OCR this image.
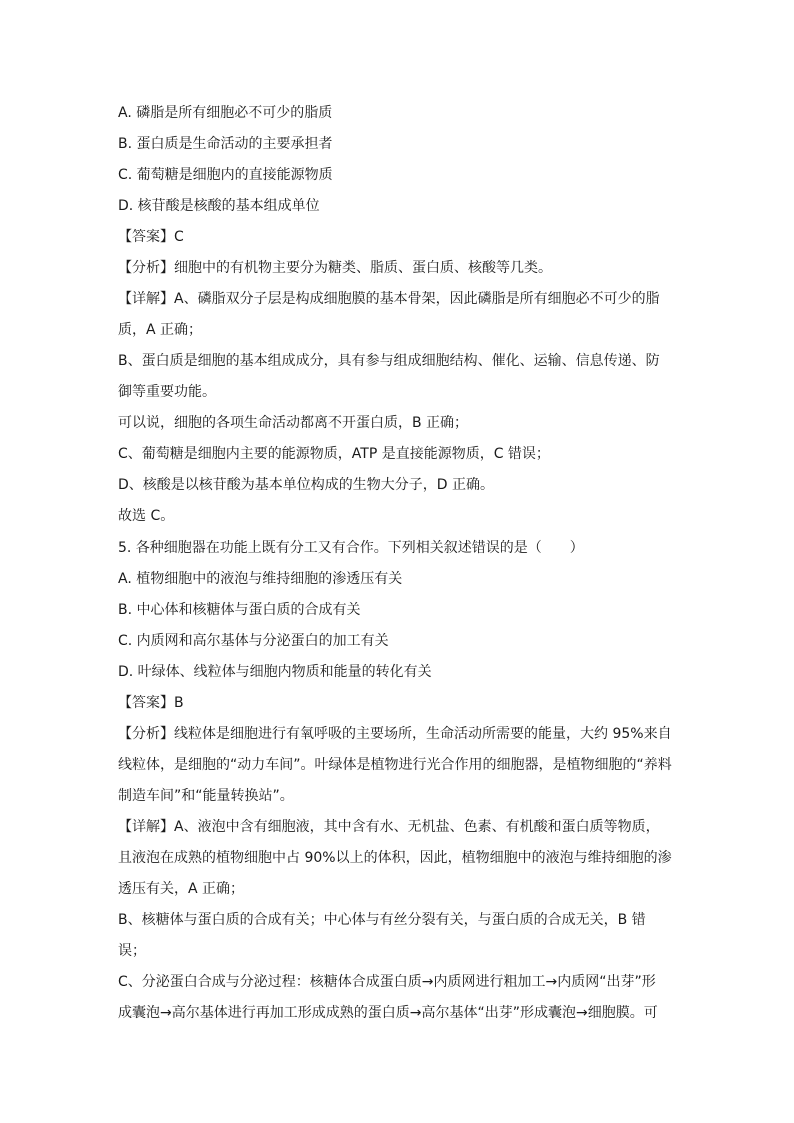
A. 磷脂是所有细胞必不可少的脂质
B. 蛋白质是生命活动的主要承担者
C. 葡萄糖是细胞内的直接能源物质
D. 核苷酸是核酸的基本组成单位
【答案】C
【分析】细胞中的有机物主要分为糖类、脂质、蛋白质、核酸等几类。
【详解】A、磷脂双分子层是构成细胞膜的基本骨架，因此磷脂是所有细胞必不可少的脂
质，A 正确；
B、蛋白质是细胞的基本组成成分，具有参与组成细胞结构、催化、运输、信息传递、防
御等重要功能。
可以说，细胞的各项生命活动都离不开蛋白质，B 正确；
C、葡萄糖是细胞内主要的能源物质，ATP 是直接能源物质，C 错误；
D、核酸是以核苷酸为基本单位构成的生物大分子，D 正确。
故选 C。
5. 各种细胞器在功能上既有分工又有合作。下列相关叙述错误的是（　　）
A. 植物细胞中的液泡与维持细胞的渗透压有关
B. 中心体和核糖体与蛋白质的合成有关
C. 内质网和高尔基体与分泌蛋白的加工有关
D. 叶绿体、线粒体与细胞内物质和能量的转化有关
【答案】B
【分析】线粒体是细胞进行有氧呼吸的主要场所，生命活动所需要的能量，大约 95%来自
线粒体，是细胞的“动力车间”。叶绿体是植物进行光合作用的细胞器，是植物细胞的“养料
制造车间”和“能量转换站”。
【详解】A、液泡中含有细胞液，其中含有水、无机盐、色素、有机酸和蛋白质等物质，
且液泡在成熟的植物细胞中占 90%以上的体积，因此，植物细胞中的液泡与维持细胞的渗
透压有关，A 正确；
B、核糖体与蛋白质的合成有关；中心体与有丝分裂有关，与蛋白质的合成无关，B 错
误；
C、分泌蛋白合成与分泌过程：核糖体合成蛋白质→内质网进行粗加工→内质网“出芽”形
成囊泡→高尔基体进行再加工形成成熟的蛋白质→高尔基体“出芽”形成囊泡→细胞膜。可
